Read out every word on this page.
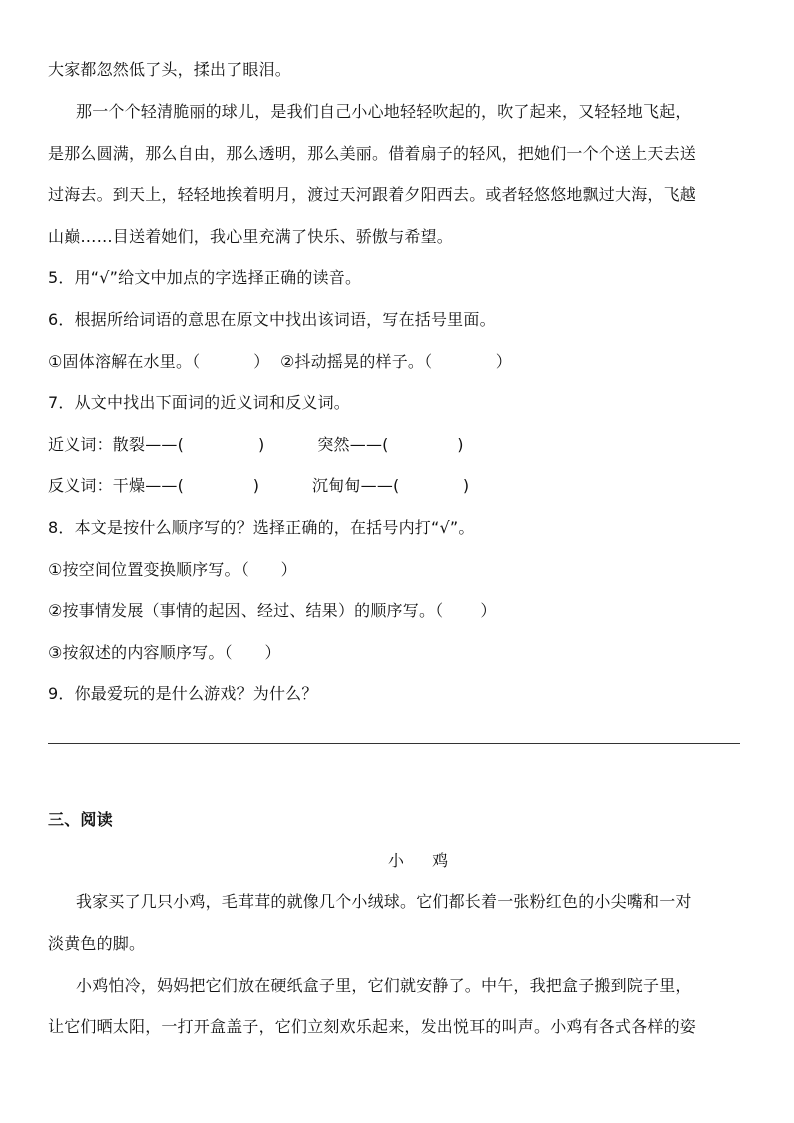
大家都忽然低了头，揉出了眼泪。
那一个个轻清脆丽的球儿，是我们自己小心地轻轻吹起的，吹了起来，又轻轻地飞起，
是那么圆满，那么自由，那么透明，那么美丽。借着扇子的轻风，把她们一个个送上天去送
过海去。到天上，轻轻地挨着明月，渡过天河跟着夕阳西去。或者轻悠悠地飘过大海，飞越
山巅……目送着她们，我心里充满了快乐、骄傲与希望。
5．用“√”给文中加点的字选择正确的读音。
6．根据所给词语的意思在原文中找出该词语，写在括号里面。
①固体溶解在水里。（          ）  ②抖动摇晃的样子。（            ）
7．从文中找出下面词的近义词和反义词。
近义词：散裂——(              )          突然——(             )
反义词：干燥——(             )          沉甸甸——(            )
8．本文是按什么顺序写的？选择正确的，在括号内打“√”。
①按空间位置变换顺序写。（      ）
②按事情发展（事情的起因、经过、结果）的顺序写。（       ）
③按叙述的内容顺序写。（      ）
9．你最爱玩的是什么游戏？为什么？
三、阅读
小  鸡
我家买了几只小鸡，毛茸茸的就像几个小绒球。它们都长着一张粉红色的小尖嘴和一对
淡黄色的脚。
小鸡怕冷，妈妈把它们放在硬纸盒子里，它们就安静了。中午，我把盒子搬到院子里，
让它们晒太阳，一打开盒盖子，它们立刻欢乐起来，发出悦耳的叫声。小鸡有各式各样的姿
